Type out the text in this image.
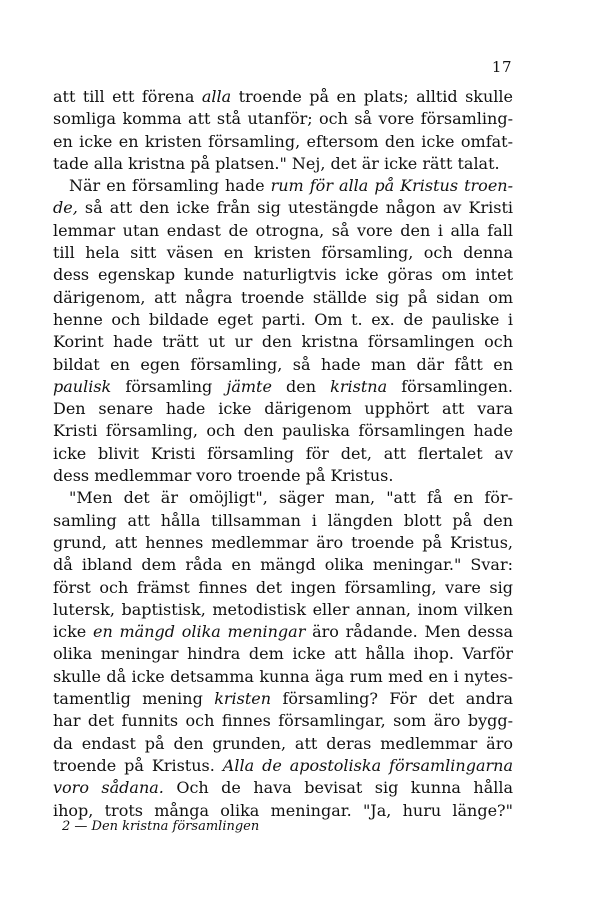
17
att till ett förena alla troende på en plats; alltid skulle
somliga komma att stå utanför; och så vore församling-
en icke en kristen församling, eftersom den icke omfat-
tade alla kristna på platsen." Nej, det är icke rätt talat.
När en församling hade rum för alla på Kristus troen-
de, så att den icke från sig utestängde någon av Kristi
lemmar utan endast de otrogna, så vore den i alla fall
till hela sitt väsen en kristen församling, och denna
dess egenskap kunde naturligtvis icke göras om intet
därigenom, att några troende ställde sig på sidan om
henne och bildade eget parti. Om t. ex. de pauliske i
Korint hade trätt ut ur den kristna församlingen och
bildat en egen församling, så hade man där fått en
paulisk församling jämte den kristna församlingen.
Den senare hade icke därigenom upphört att vara
Kristi församling, och den pauliska församlingen hade
icke blivit Kristi församling för det, att flertalet av
dess medlemmar voro troende på Kristus.
"Men det är omöjligt", säger man, "att få en för-
samling att hålla tillsamman i längden blott på den
grund, att hennes medlemmar äro troende på Kristus,
då ibland dem råda en mängd olika meningar." Svar:
först och främst finnes det ingen församling, vare sig
lutersk, baptistisk, metodistisk eller annan, inom vilken
icke en mängd olika meningar äro rådande. Men dessa
olika meningar hindra dem icke att hålla ihop. Varför
skulle då icke detsamma kunna äga rum med en i nytes-
tamentlig mening kristen församling? För det andra
har det funnits och finnes församlingar, som äro bygg-
da endast på den grunden, att deras medlemmar äro
troende på Kristus. Alla de apostoliska församlingarna
voro sådana. Och de hava bevisat sig kunna hålla
ihop, trots många olika meningar. "Ja, huru länge?"
2 — Den kristna församlingen
